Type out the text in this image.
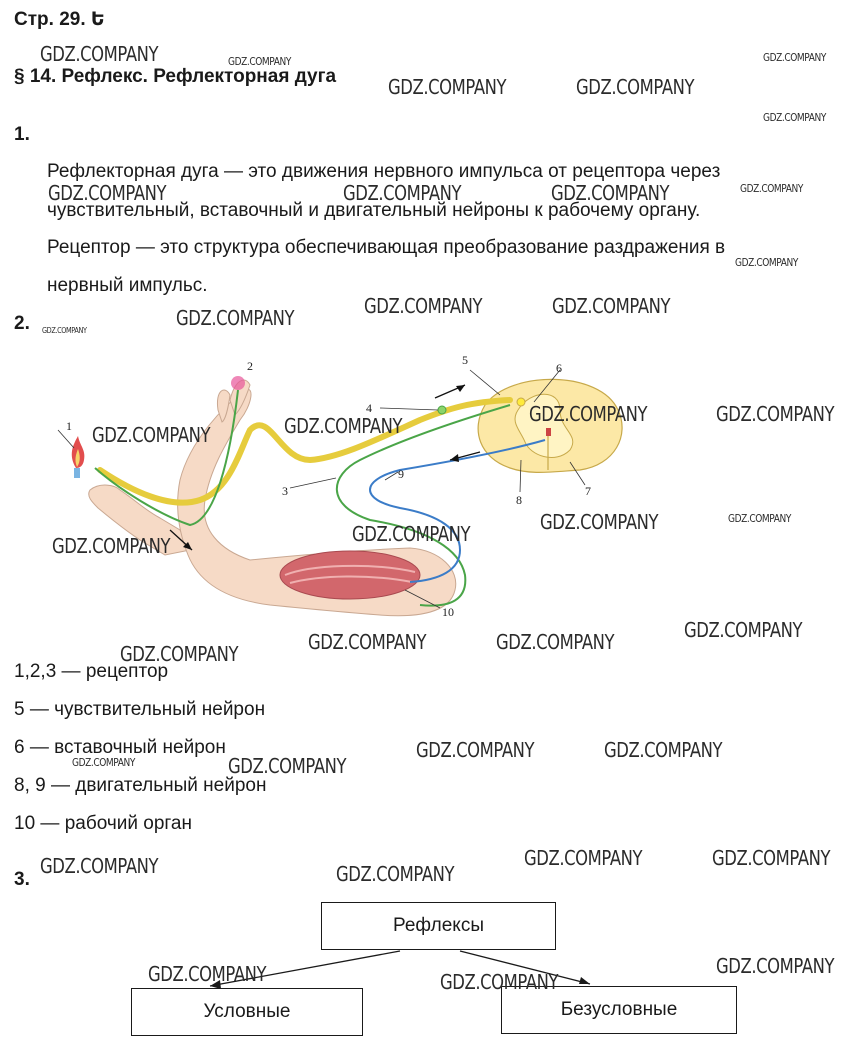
Стр. 29. Ե
§ 14. Рефлекс. Рефлекторная дуга
1.
Рефлекторная дуга — это движения нервного импульса от рецептора через
чувствительный, вставочный и двигательный нейроны к рабочему органу.
Рецептор — это структура обеспечивающая преобразование раздражения в
нервный импульс.
2.
1
2
3
4
5
6
7
8
9
10
1,2,3 — рецептор
5 — чувствительный нейрон
6 — вставочный нейрон
8, 9 — двигательный нейрон
10 — рабочий орган
3.
Рефлексы
Условные	Безусловные
GDZ.COMPANY	GDZ.COMPANY	GDZ.COMPANY
GDZ.COMPANY	GDZ.COMPANY
GDZ.COMPANY
GDZ.COMPANY	GDZ.COMPANY	GDZ.COMPANY	GDZ.COMPANY
GDZ.COMPANY
GDZ.COMPANY	GDZ.COMPANY
GDZ.COMPANY
GDZ.COMPANY
GDZ.COMPANY	GDZ.COMPANY
GDZ.COMPANY
GDZ.COMPANY
GDZ.COMPANY	GDZ.COMPANY
GDZ.COMPANY
GDZ.COMPANY
GDZ.COMPANY
GDZ.COMPANY	GDZ.COMPANY
GDZ.COMPANY
GDZ.COMPANY	GDZ.COMPANY
GDZ.COMPANY	GDZ.COMPANY
GDZ.COMPANY	GDZ.COMPANY
GDZ.COMPANY	GDZ.COMPANY
GDZ.COMPANY
GDZ.COMPANY	GDZ.COMPANY
